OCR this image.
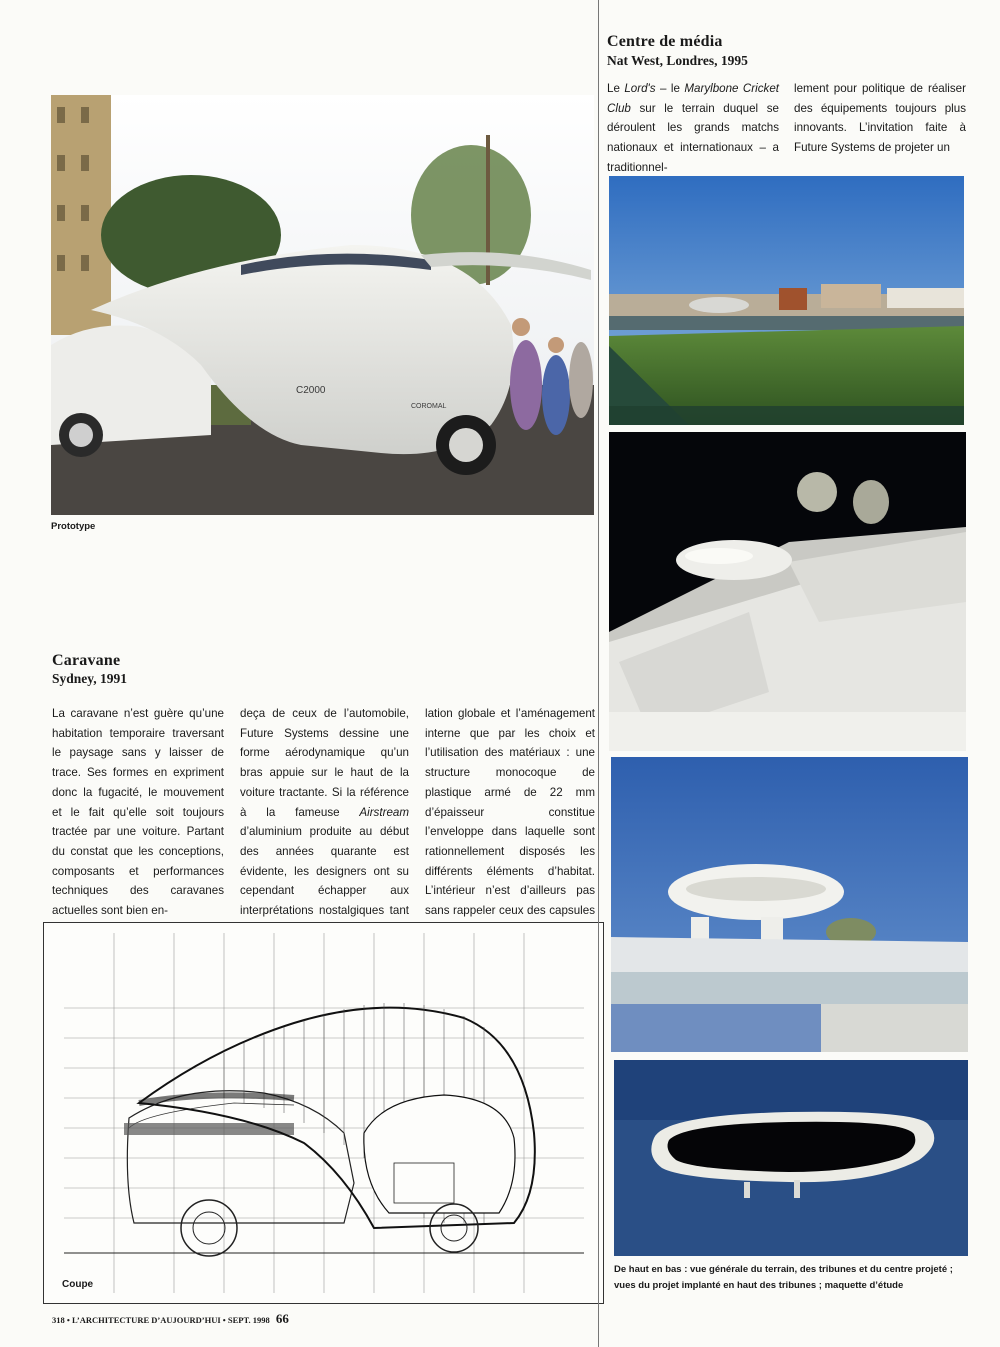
Centre de média
Nat West, Londres, 1995
Le Lord's – le Marylbone Cricket Club sur le terrain duquel se déroulent les grands matchs nationaux et internationaux – a traditionnel-
lement pour politique de réaliser des équipements toujours plus innovants. L’invitation faite à Future Systems de projeter un
De haut en bas : vue générale du terrain, des tribunes et du centre projeté ; vues du projet implanté en haut des tribunes ; maquette d’étude
C2000
COROMAL
Prototype
Caravane
Sydney, 1991
La caravane n’est guère qu’une habitation temporaire traversant le paysage sans y laisser de trace. Ses formes en expriment donc la fugacité, le mouvement et le fait qu’elle soit toujours tractée par une voiture. Partant du constat que les conceptions, composants et performances techniques des caravanes actuelles sont bien en-
deça de ceux de l’automobile, Future Systems dessine une forme aérodynamique qu’un bras appuie sur le haut de la voiture tractante. Si la référence à la fameuse Airstream d’aluminium produite au début des années quarante est évidente, les designers ont su cependant échapper aux interprétations nostalgiques tant
lation globale et l’aménagement interne que par les choix et l’utilisation des matériaux : une structure monocoque de plastique armé de 22 mm d’épaisseur constitue l’enveloppe dans laquelle sont rationnellement disposés les différents éléments d’habitat. L’intérieur n’est d’ailleurs pas sans rappeler ceux des capsules
Coupe
318 • L’ARCHITECTURE D’AUJOURD’HUI • SEPT. 1998 66
